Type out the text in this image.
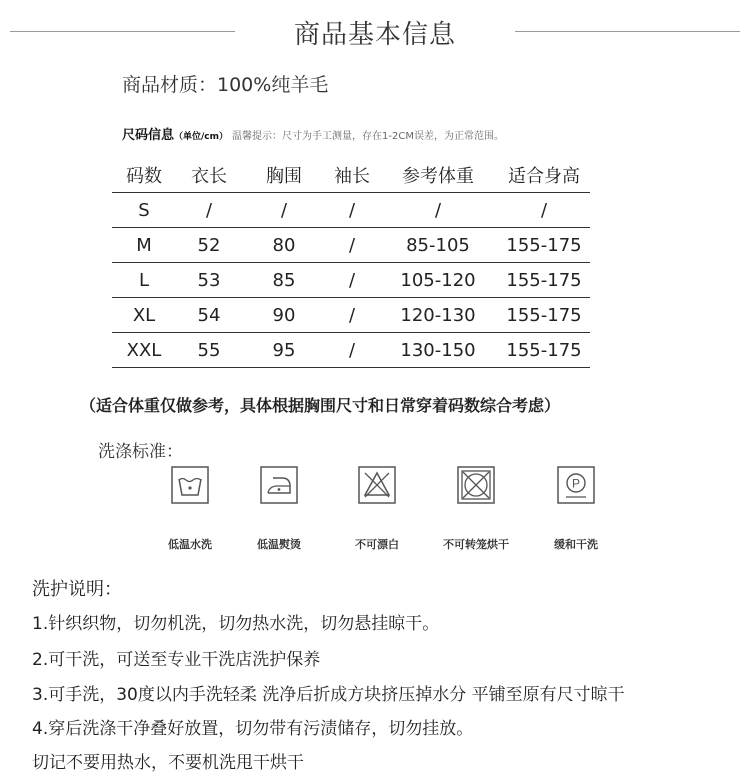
商品基本信息
商品材质：100%纯羊毛
尺码信息（单位/cm） 温馨提示：尺寸为手工测量，存在1-2CM误差，为正常范围。
码数	衣长	胸围	袖长	参考体重	适合身高
S	/	/	/	/	/
M	52	80	/	85-105	155-175
L	53	85	/	105-120	155-175
XL	54	90	/	120-130	155-175
XXL	55	95	/	130-150	155-175
（适合体重仅做参考，具体根据胸围尺寸和日常穿着码数综合考虑）
洗涤标准：
低温水洗	低温熨烫	不可漂白	不可转笼烘干
P
缓和干洗
洗护说明：
1.针织织物，切勿机洗，切勿热水洗，切勿悬挂晾干。
2.可干洗，可送至专业干洗店洗护保养
3.可手洗，30度以内手洗轻柔 洗净后折成方块挤压掉水分 平铺至原有尺寸晾干
4.穿后洗涤干净叠好放置，切勿带有污渍储存，切勿挂放。
切记不要用热水，不要机洗甩干烘干
